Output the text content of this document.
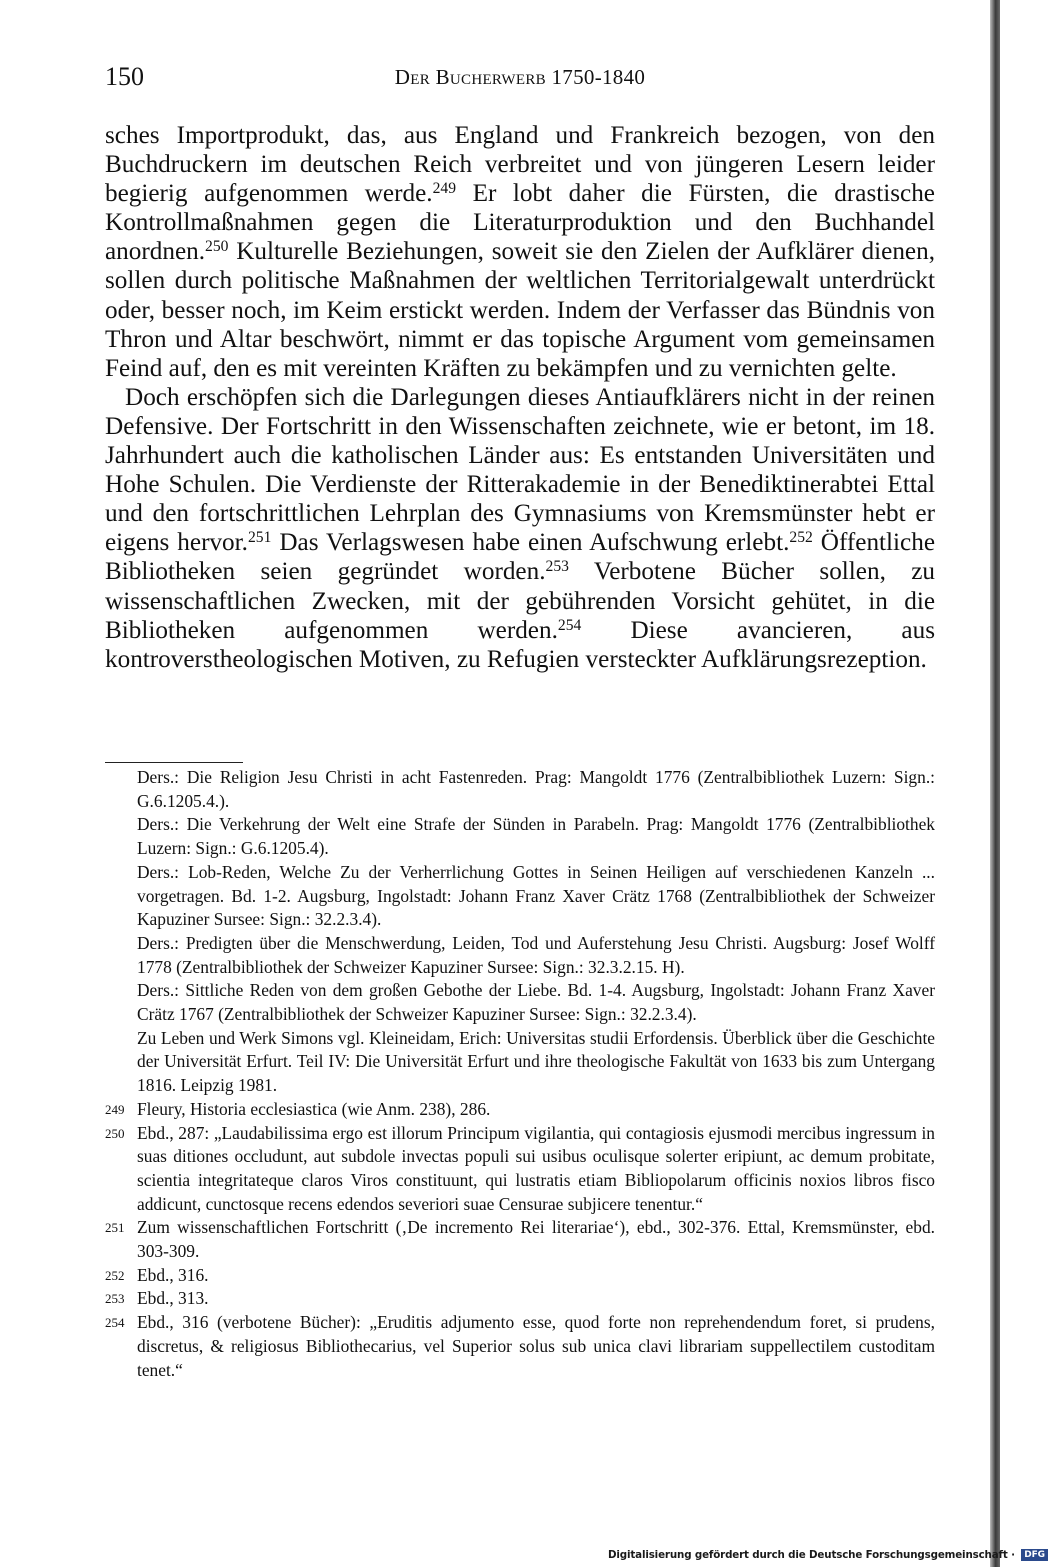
150	Der Bucherwerb 1750-1840

sches Importprodukt, das, aus England und Frankreich bezogen, von den Buchdruckern im deutschen Reich verbreitet und von jüngeren Lesern leider begierig aufgenommen werde.$^{249}$ Er lobt daher die Fürsten, die drastische Kontrollmaßnahmen gegen die Literaturproduktion und den Buchhandel anordnen.$^{250}$ Kulturelle Beziehungen, soweit sie den Zielen der Aufklärer dienen, sollen durch politische Maßnahmen der weltlichen Territorialgewalt unterdrückt oder, besser noch, im Keim erstickt werden. Indem der Verfasser das Bündnis von Thron und Altar beschwört, nimmt er das topische Argument vom gemeinsamen Feind auf, den es mit vereinten Kräften zu bekämpfen und zu vernichten gelte.

Doch erschöpfen sich die Darlegungen dieses Antiaufklärers nicht in der reinen Defensive. Der Fortschritt in den Wissenschaften zeichnete, wie er betont, im 18. Jahrhundert auch die katholischen Länder aus: Es entstanden Universitäten und Hohe Schulen. Die Verdienste der Ritterakademie in der Benediktinerabtei Ettal und den fortschrittlichen Lehrplan des Gymnasiums von Kremsmünster hebt er eigens hervor.$^{251}$ Das Verlagswesen habe einen Aufschwung erlebt.$^{252}$ Öffentliche Bibliotheken seien gegründet worden.$^{253}$ Verbotene Bücher sollen, zu wissenschaftlichen Zwecken, mit der gebührenden Vorsicht gehütet, in die Bibliotheken aufgenommen werden.$^{254}$ Diese avancieren, aus kontroverstheologischen Motiven, zu Refugien versteckter Aufklärungsrezeption.

Ders.: Die Religion Jesu Christi in acht Fastenreden. Prag: Mangoldt 1776 (Zentralbibliothek Luzern: Sign.: G.6.1205.4.).
Ders.: Die Verkehrung der Welt eine Strafe der Sünden in Parabeln. Prag: Mangoldt 1776 (Zentralbibliothek Luzern: Sign.: G.6.1205.4).
Ders.: Lob-Reden, Welche Zu der Verherrlichung Gottes in Seinen Heiligen auf verschiedenen Kanzeln ... vorgetragen. Bd. 1-2. Augsburg, Ingolstadt: Johann Franz Xaver Crätz 1768 (Zentralbibliothek der Schweizer Kapuziner Sursee: Sign.: 32.2.3.4).
Ders.: Predigten über die Menschwerdung, Leiden, Tod und Auferstehung Jesu Christi. Augsburg: Josef Wolff 1778 (Zentralbibliothek der Schweizer Kapuziner Sursee: Sign.: 32.3.2.15. H).
Ders.: Sittliche Reden von dem großen Gebothe der Liebe. Bd. 1-4. Augsburg, Ingolstadt: Johann Franz Xaver Crätz 1767 (Zentralbibliothek der Schweizer Kapuziner Sursee: Sign.: 32.2.3.4).
Zu Leben und Werk Simons vgl. Kleineidam, Erich: Universitas studii Erfordensis. Überblick über die Geschichte der Universität Erfurt. Teil IV: Die Universität Erfurt und ihre theologische Fakultät von 1633 bis zum Untergang 1816. Leipzig 1981.
249 Fleury, Historia ecclesiastica (wie Anm. 238), 286.
250 Ebd., 287: „Laudabilissima ergo est illorum Principum vigilantia, qui contagiosis ejusmodi mercibus ingressum in suas ditiones occludunt, aut subdole invectas populi sui usibus oculisque solerter eripiunt, ac demum probitate, scientia integritateque claros Viros constituunt, qui lustratis etiam Bibliopolarum officinis noxios libros fisco addicunt, cunctosque recens edendos severiori suae Censurae subjicere tenentur.“
251 Zum wissenschaftlichen Fortschritt (‚De incremento Rei literariae‘), ebd., 302-376. Ettal, Kremsmünster, ebd. 303-309.
252 Ebd., 316.
253 Ebd., 313.
254 Ebd., 316 (verbotene Bücher): „Eruditis adjumento esse, quod forte non reprehendendum foret, si prudens, discretus, & religiosus Bibliothecarius, vel Superior solus sub unica clavi librariam suppellectilem custoditam tenet.“
Digitalisierung gefördert durch die Deutsche Forschungsgemeinschaft · DFG
